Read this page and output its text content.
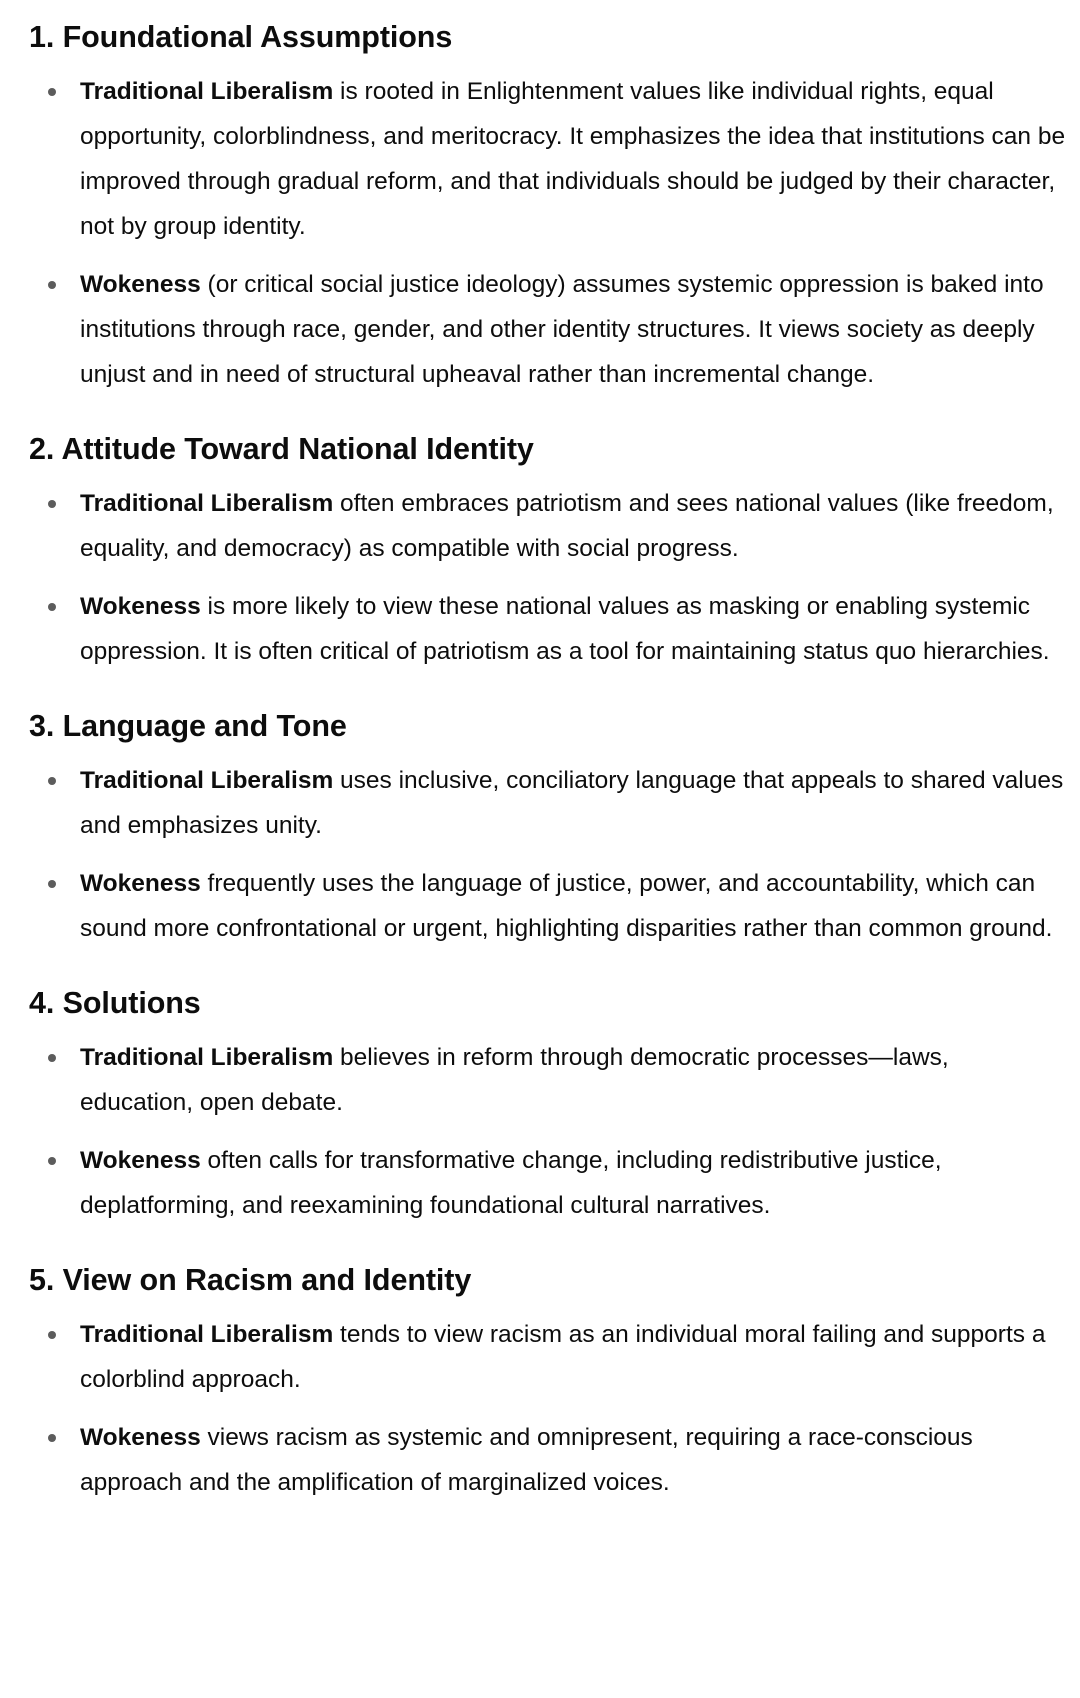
1. Foundational Assumptions
Traditional Liberalism is rooted in Enlightenment values like individual rights, equal opportunity, colorblindness, and meritocracy. It emphasizes the idea that institutions can be improved through gradual reform, and that individuals should be judged by their character, not by group identity.
Wokeness (or critical social justice ideology) assumes systemic oppression is baked into institutions through race, gender, and other identity structures. It views society as deeply unjust and in need of structural upheaval rather than incremental change.
2. Attitude Toward National Identity
Traditional Liberalism often embraces patriotism and sees national values (like freedom, equality, and democracy) as compatible with social progress.
Wokeness is more likely to view these national values as masking or enabling systemic oppression. It is often critical of patriotism as a tool for maintaining status quo hierarchies.
3. Language and Tone
Traditional Liberalism uses inclusive, conciliatory language that appeals to shared values and emphasizes unity.
Wokeness frequently uses the language of justice, power, and accountability, which can sound more confrontational or urgent, highlighting disparities rather than common ground.
4. Solutions
Traditional Liberalism believes in reform through democratic processes—laws, education, open debate.
Wokeness often calls for transformative change, including redistributive justice, deplatforming, and reexamining foundational cultural narratives.
5. View on Racism and Identity
Traditional Liberalism tends to view racism as an individual moral failing and supports a colorblind approach.
Wokeness views racism as systemic and omnipresent, requiring a race-conscious approach and the amplification of marginalized voices.
